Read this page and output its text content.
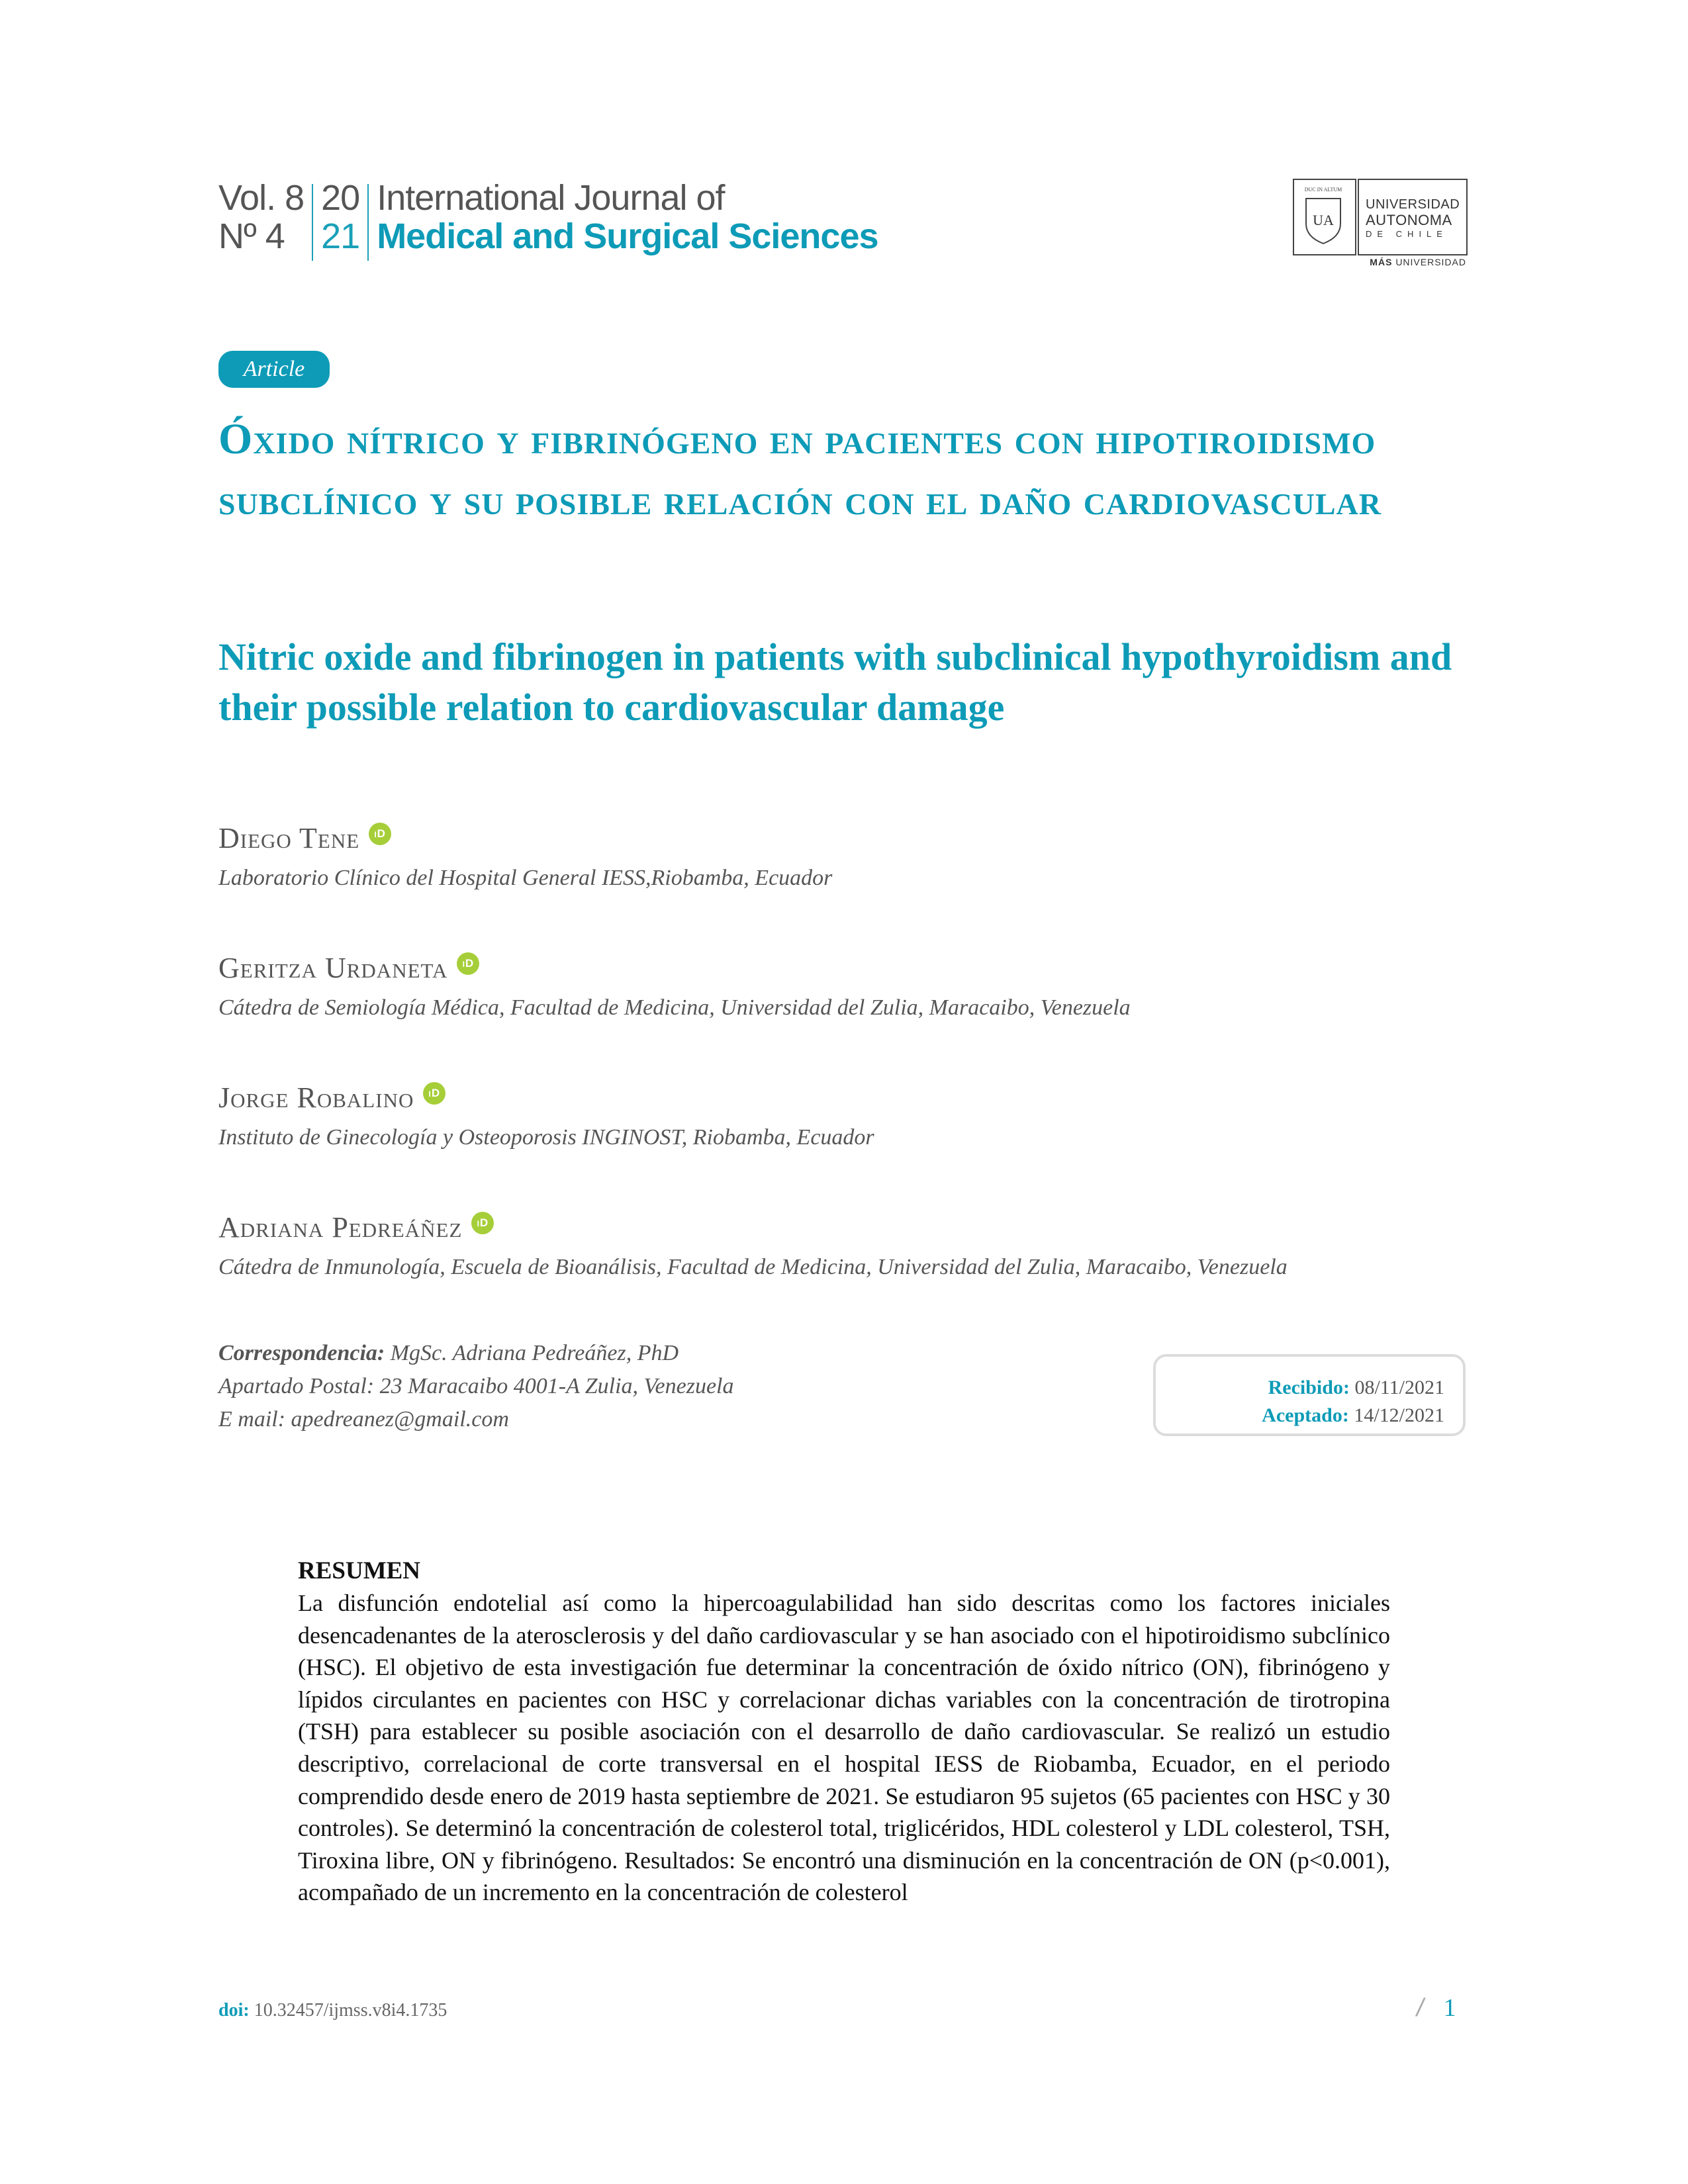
Vol. 8
Nº 4
20
21
International Journal of
Medical and Surgical Sciences
DUC IN ALTUM
UA
UNIVERSIDAD
AUTONOMA
DE CHILE
MÁS UNIVERSIDAD
Article
Óxido nítrico y fibrinógeno en pacientes con hipotiroidismo subclínico y su posible relación con el daño cardiovascular
Nitric oxide and fibrinogen in patients with subclinical hypothyroidism and their possible relation to cardiovascular damage
Diego Tene	iD
Laboratorio Clínico del Hospital General IESS,Riobamba, Ecuador
Geritza Urdaneta	iD
Cátedra de Semiología Médica, Facultad de Medicina, Universidad del Zulia, Maracaibo, Venezuela
Jorge Robalino	iD
Instituto de Ginecología y Osteoporosis INGINOST, Riobamba, Ecuador
Adriana Pedreáñez	iD
Cátedra de Inmunología, Escuela de Bioanálisis, Facultad de Medicina, Universidad del Zulia, Maracaibo, Venezuela
Correspondencia: MgSc. Adriana Pedreáñez, PhD
Apartado Postal: 23 Maracaibo 4001-A Zulia, Venezuela
E mail: apedreanez@gmail.com
Recibido: 08/11/2021
Aceptado: 14/12/2021
RESUMEN
La disfunción endotelial así como la hipercoagulabilidad han sido descritas como los factores iniciales desencadenantes de la aterosclerosis y del daño cardiovascular y se han asociado con el hipotiroidismo subclínico (HSC). El objetivo de esta investigación fue determinar la concentración de óxido nítrico (ON), fibrinógeno y lípidos circulantes en pacientes con HSC y correlacionar dichas variables con la concentración de tirotropina (TSH) para establecer su posible asociación con el desarrollo de daño cardiovascular. Se realizó un estudio descriptivo, correlacional de corte transversal en el hospital IESS de Riobamba, Ecuador, en el periodo comprendido desde enero de 2019 hasta septiembre de 2021. Se estudiaron 95 sujetos (65 pacientes con HSC y 30 controles). Se determinó la concentración de colesterol total, triglicéridos, HDL colesterol y LDL colesterol, TSH, Tiroxina libre, ON y fibrinógeno. Resultados: Se encontró una disminución en la concentración de ON (p<0.001), acompañado de un incremento en la concentración de colesterol
doi: 10.32457/ijmss.v8i4.1735	/ 1
